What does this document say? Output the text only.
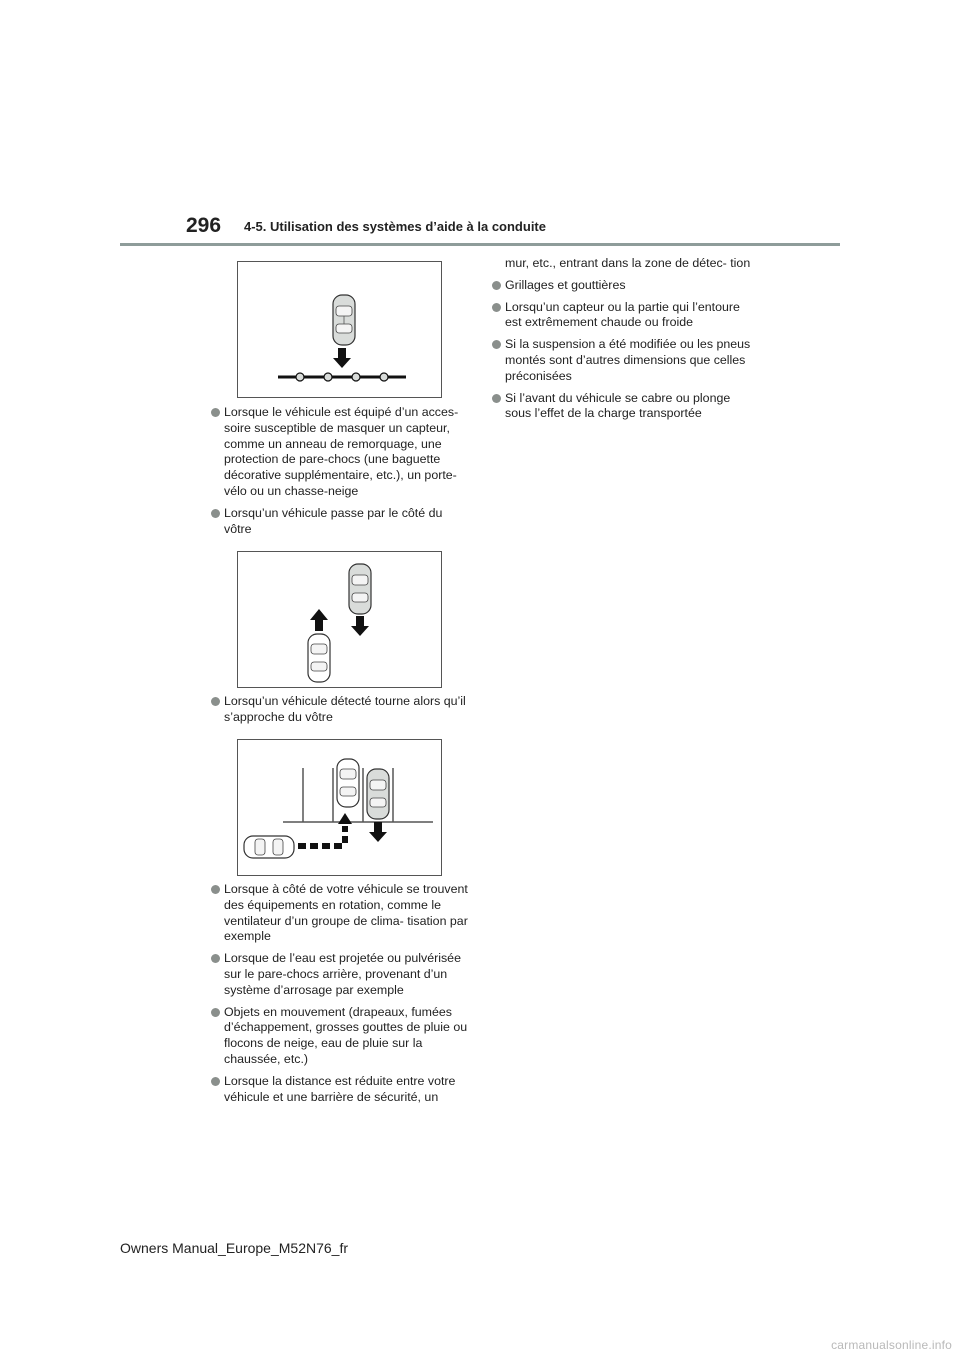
296 4-5. Utilisation des systèmes d’aide à la conduite
Lorsque le véhicule est équipé d’un acces- soire susceptible de masquer un capteur, comme un anneau de remorquage, une protection de pare-chocs (une baguette décorative supplémentaire, etc.), un porte- vélo ou un chasse-neige
Lorsqu’un véhicule passe par le côté du vôtre
Lorsqu’un véhicule détecté tourne alors qu’il s’approche du vôtre
Lorsque à côté de votre véhicule se trouvent des équipements en rotation, comme le ventilateur d’un groupe de clima- tisation par exemple
Lorsque de l’eau est projetée ou pulvérisée sur le pare-chocs arrière, provenant d’un système d’arrosage par exemple
Objets en mouvement (drapeaux, fumées d’échappement, grosses gouttes de pluie ou flocons de neige, eau de pluie sur la chaussée, etc.)
Lorsque la distance est réduite entre votre véhicule et une barrière de sécurité, un
mur, etc., entrant dans la zone de détec- tion
Grillages et gouttières
Lorsqu’un capteur ou la partie qui l’entoure est extrêmement chaude ou froide
Si la suspension a été modifiée ou les pneus montés sont d’autres dimensions que celles préconisées
Si l’avant du véhicule se cabre ou plonge sous l’effet de la charge transportée
Owners Manual_Europe_M52N76_fr
carmanualsonline.info
